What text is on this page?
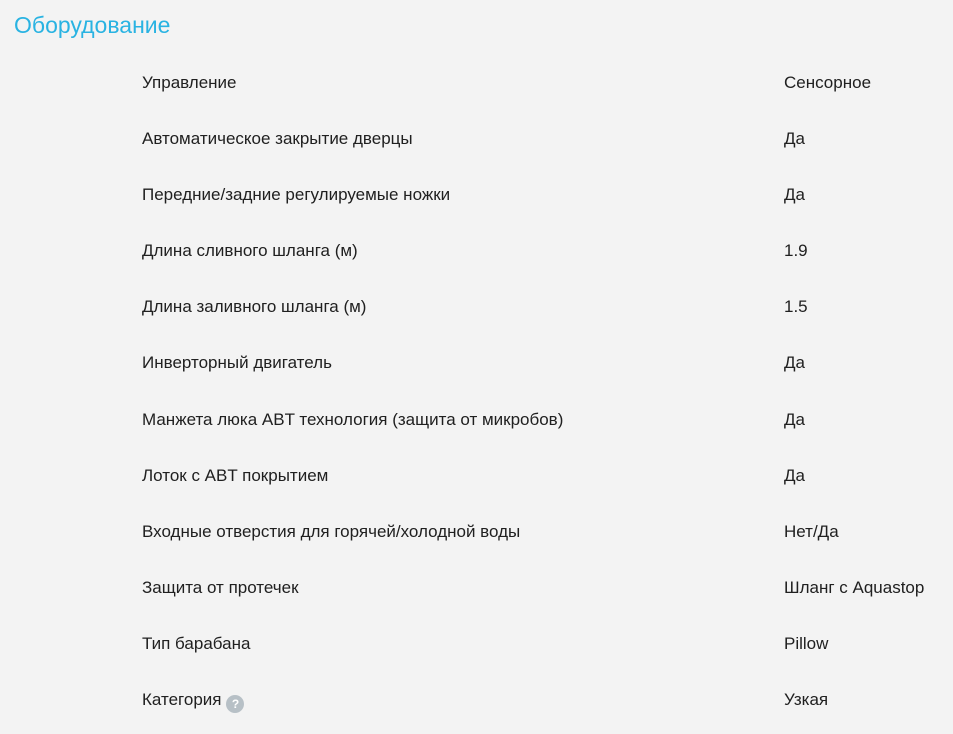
Оборудование
Управление	Сенсорное
Автоматическое закрытие дверцы	Да
Передние/задние регулируемые ножки	Да
Длина сливного шланга (м)	1.9
Длина заливного шланга (м)	1.5
Инверторный двигатель	Да
Манжета люка ABT технология (защита от микробов)	Да
Лоток с ABT покрытием	Да
Входные отверстия для горячей/холодной воды	Нет/Да
Защита от протечек	Шланг с Aquastop
Тип барабана	Pillow
Категория ?	Узкая
